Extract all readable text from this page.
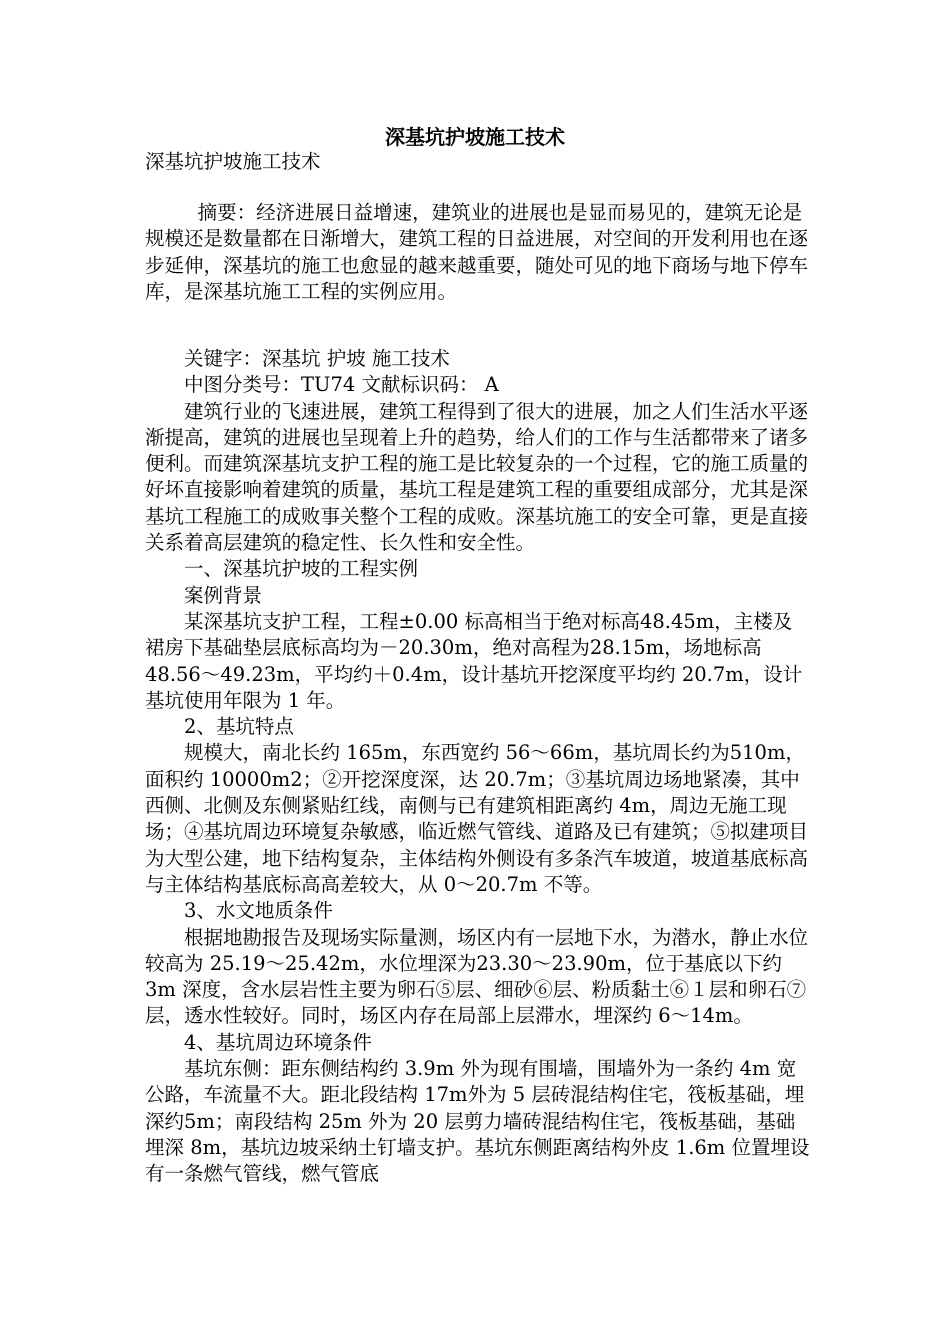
深基坑护坡施工技术
深基坑护坡施工技术

摘要：经济进展日益增速，建筑业的进展也是显而易见的，建筑无论是规模还是数量都在日渐增大，建筑工程的日益进展，对空间的开发利用也在逐步延伸，深基坑的施工也愈显的越来越重要，随处可见的地下商场与地下停车库，是深基坑施工工程的实例应用。

关键字：深基坑 护坡 施工技术

中图分类号：TU74 文献标识码： A

建筑行业的飞速进展，建筑工程得到了很大的进展，加之人们生活水平逐渐提高，建筑的进展也呈现着上升的趋势，给人们的工作与生活都带来了诸多便利。而建筑深基坑支护工程的施工是比较复杂的一个过程，它的施工质量的好坏直接影响着建筑的质量，基坑工程是建筑工程的重要组成部分，尤其是深基坑工程施工的成败事关整个工程的成败。深基坑施工的安全可靠，更是直接关系着高层建筑的稳定性、长久性和安全性。

一、深基坑护坡的工程实例

案例背景

某深基坑支护工程，工程±0.00 标高相当于绝对标高48.45m，主楼及裙房下基础垫层底标高均为－20.30m，绝对高程为28.15m，场地标高 48.56～49.23m，平均约＋0.4m，设计基坑开挖深度平均约 20.7m，设计基坑使用年限为 1 年。

2、基坑特点

规模大，南北长约 165m，东西宽约 56～66m，基坑周长约为510m，面积约 10000m2；②开挖深度深，达 20.7m；③基坑周边场地紧凑，其中西侧、北侧及东侧紧贴红线，南侧与已有建筑相距离约 4m，周边无施工现场；④基坑周边环境复杂敏感，临近燃气管线、道路及已有建筑；⑤拟建项目为大型公建，地下结构复杂，主体结构外侧设有多条汽车坡道，坡道基底标高与主体结构基底标高高差较大，从 0～20.7m 不等。

3、水文地质条件

根据地勘报告及现场实际量测，场区内有一层地下水，为潜水，静止水位较高为 25.19～25.42m，水位埋深为23.30～23.90m，位于基底以下约 3m 深度，含水层岩性主要为卵石⑤层、细砂⑥层、粉质黏土⑥１层和卵石⑦层，透水性较好。同时，场区内存在局部上层滞水，埋深约 6～14m。

4、基坑周边环境条件

基坑东侧：距东侧结构约 3.9m 外为现有围墙，围墙外为一条约 4m 宽公路，车流量不大。距北段结构 17m外为 5 层砖混结构住宅，筏板基础，埋深约5m；南段结构 25m 外为 20 层剪力墙砖混结构住宅，筏板基础，基础埋深 8m，基坑边坡采纳土钉墙支护。基坑东侧距离结构外皮 1.6m 位置埋设有一条燃气管线，燃气管底
